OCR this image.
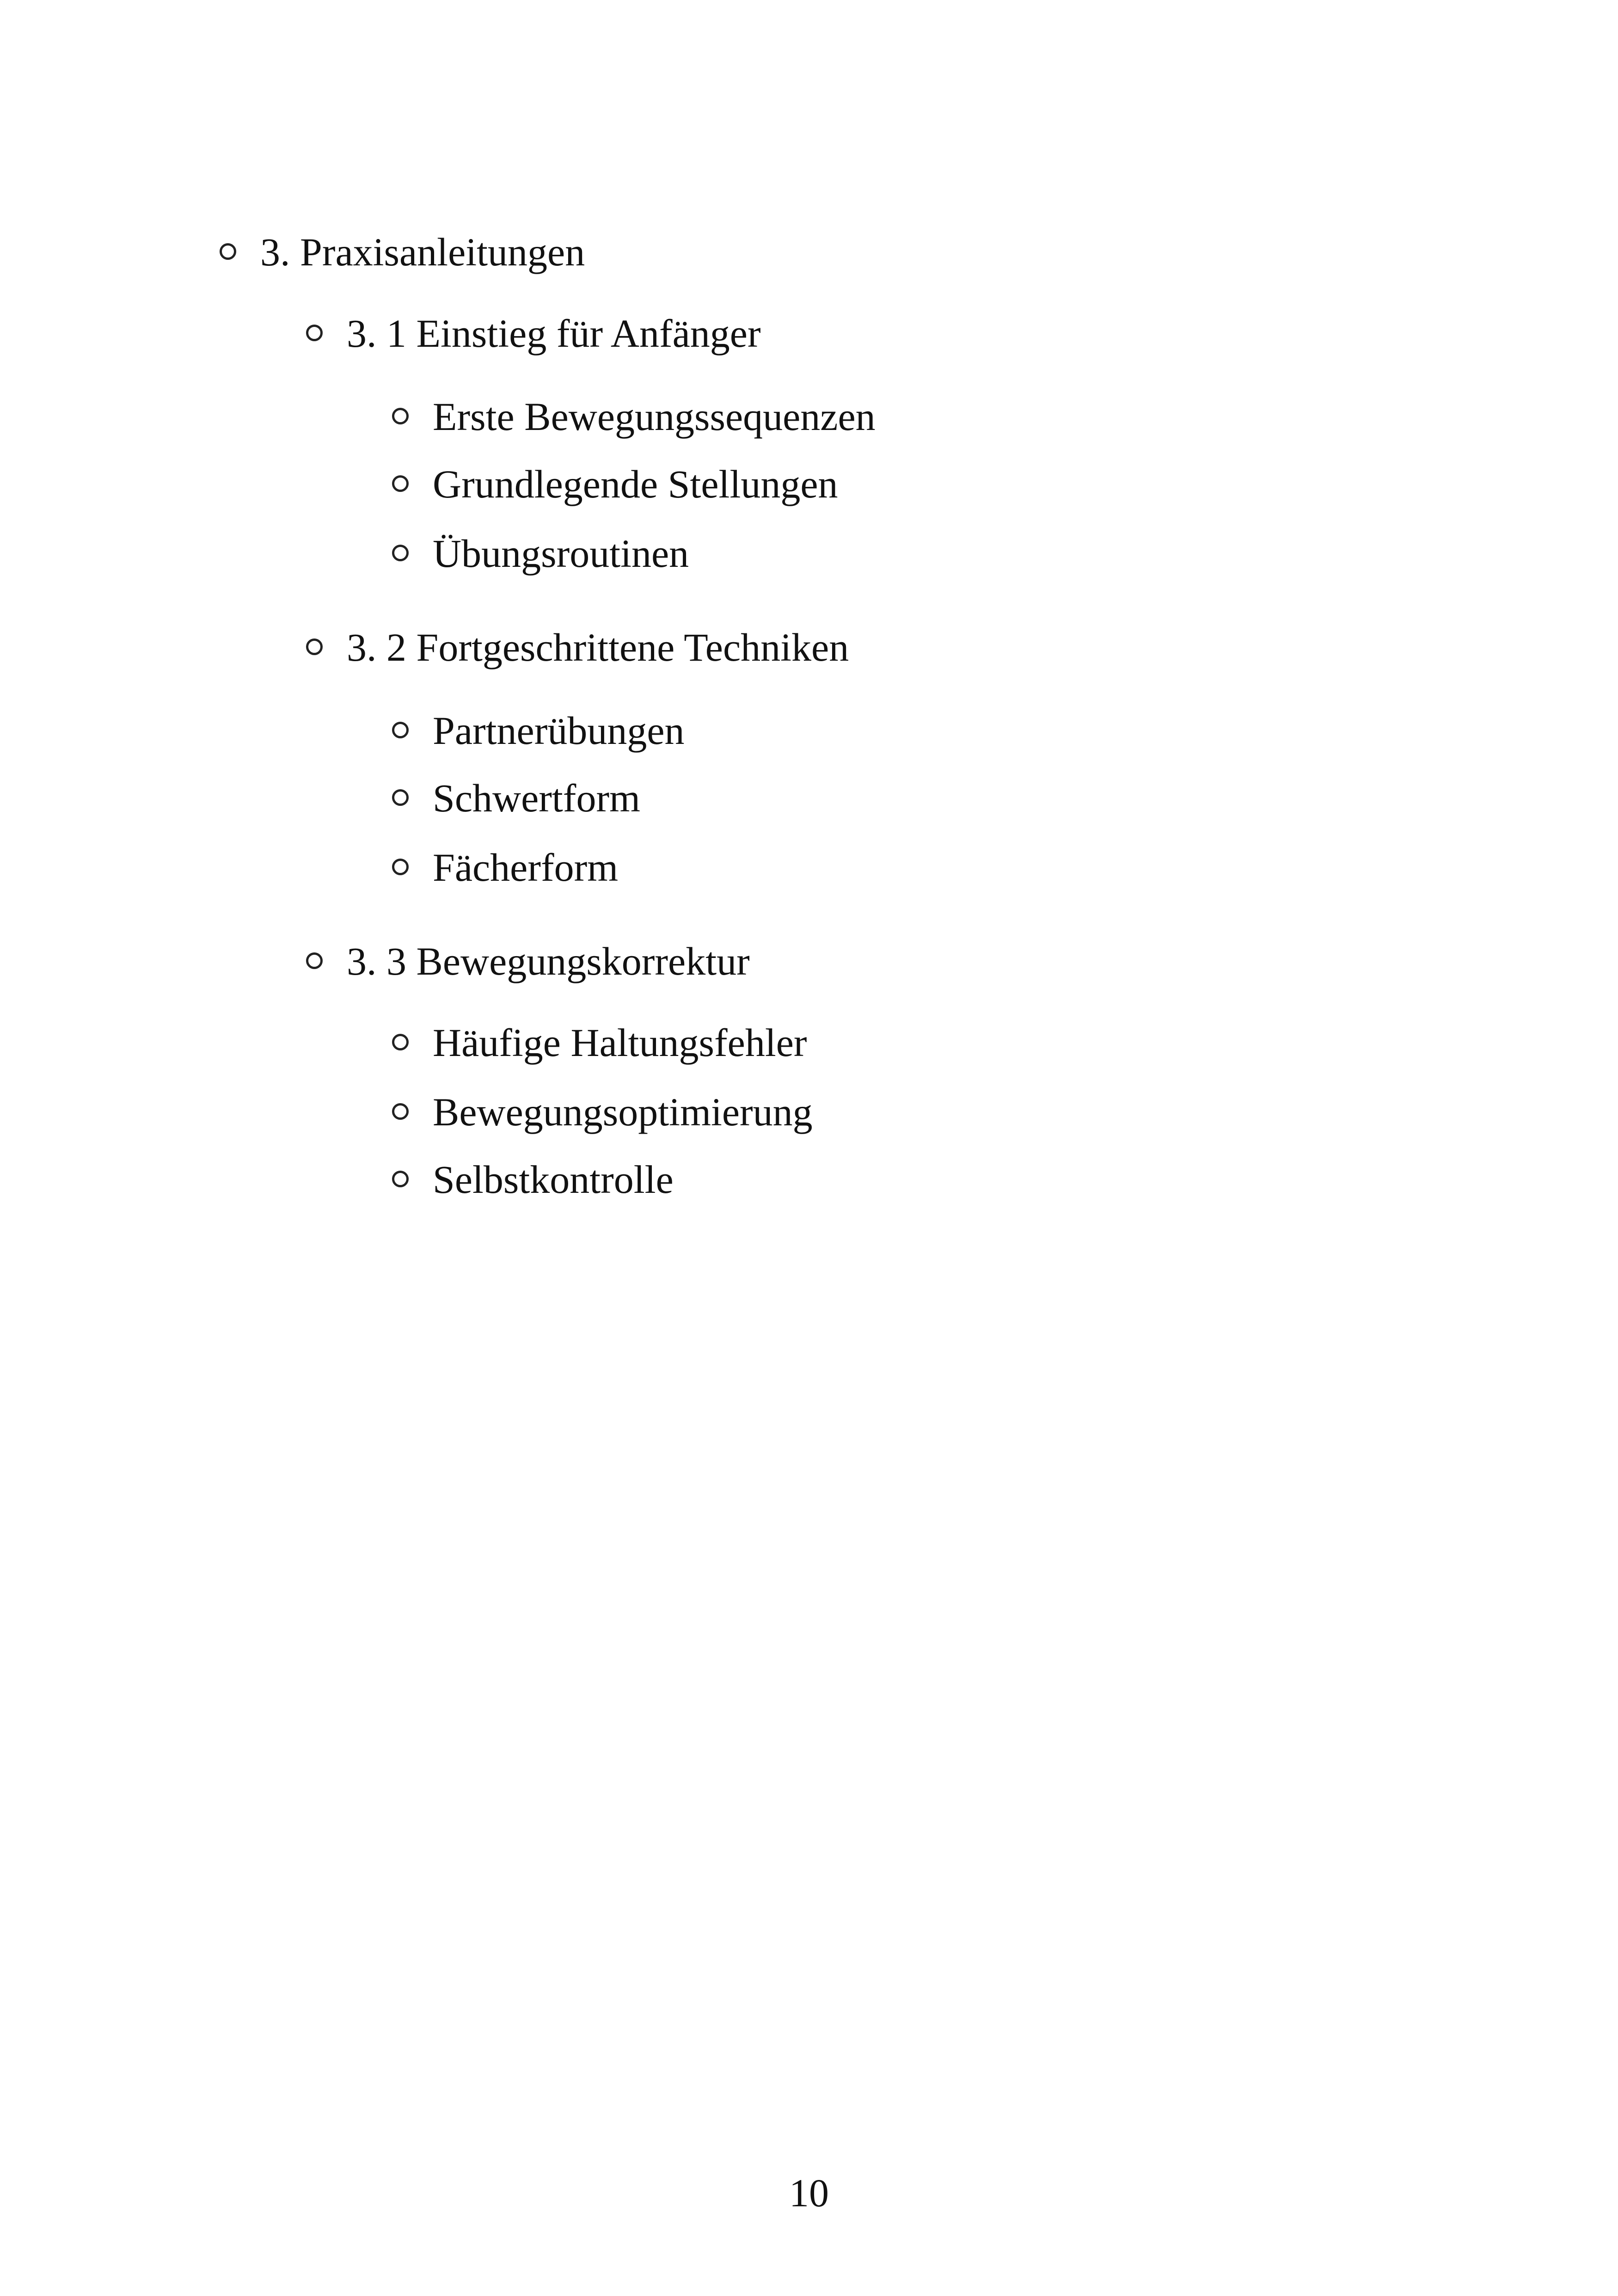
3. Praxisanleitungen
3. 1 Einstieg für Anfänger
Erste Bewegungssequenzen
Grundlegende Stellungen
Übungsroutinen
3. 2 Fortgeschrittene Techniken
Partnerübungen
Schwertform
Fächerform
3. 3 Bewegungskorrektur
Häufige Haltungsfehler
Bewegungsoptimierung
Selbstkontrolle
10
